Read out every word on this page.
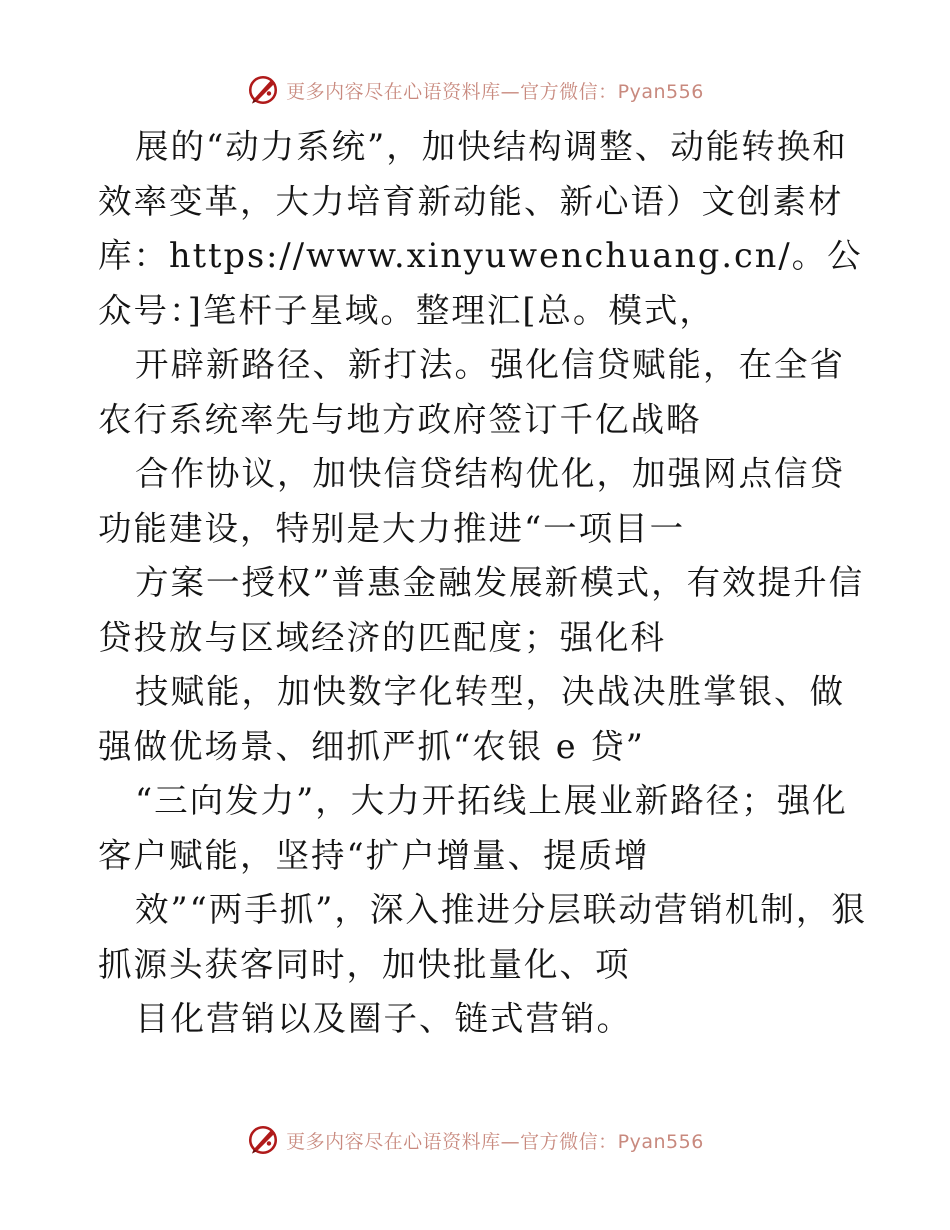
更多内容尽在心语资料库—官方微信：Pyan556

展的“动力系统”，加快结构调整、动能转换和效率变革，大力培育新动能、新心语）文创素材库：https://www.xinyuwenchuang.cn/。公众号：]笔杆子星域。整理汇[总。模式，

开辟新路径、新打法。强化信贷赋能，在全省农行系统率先与地方政府签订千亿战略

合作协议，加快信贷结构优化，加强网点信贷功能建设，特别是大力推进“一项目一

方案一授权”普惠金融发展新模式，有效提升信贷投放与区域经济的匹配度；强化科

技赋能，加快数字化转型，决战决胜掌银、做强做优场景、细抓严抓“农银 e 贷”

“三向发力”，大力开拓线上展业新路径；强化客户赋能，坚持“扩户增量、提质增

效”“两手抓”，深入推进分层联动营销机制，狠抓源头获客同时，加快批量化、项

目化营销以及圈子、链式营销。

更多内容尽在心语资料库—官方微信：Pyan556
